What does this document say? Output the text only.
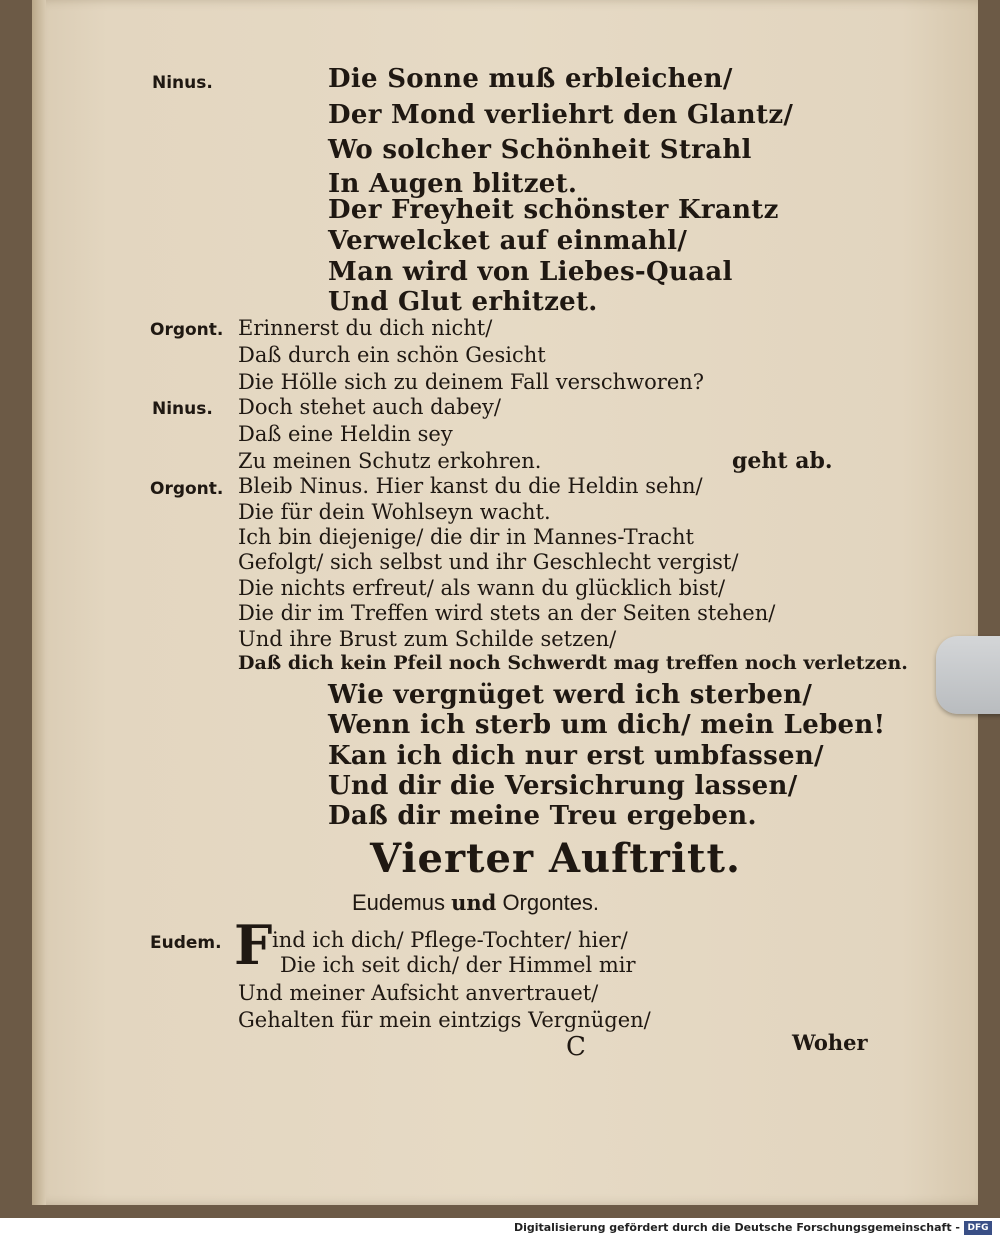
Ninus.	Die Sonne muß erbleichen/
Der Mond verliehrt den Glantz/
Wo solcher Schönheit Strahl
In Augen blitzet.
Der Freyheit schönster Krantz
Verwelcket auf einmahl/
Man wird von Liebes-Quaal
Und Glut erhitzet.
Orgont. Erinnerst du dich nicht/
Daß durch ein schön Gesicht
Die Hölle sich zu deinem Fall verschworen?
Ninus. Doch stehet auch dabey/
Daß eine Heldin sey
Zu meinen Schutz erkohren.	geht ab.
Orgont. Bleib Ninus. Hier kanst du die Heldin sehn/
Die für dein Wohlseyn wacht.
Ich bin diejenige/ die dir in Mannes-Tracht
Gefolgt/ sich selbst und ihr Geschlecht vergist/
Die nichts erfreut/ als wann du glücklich bist/
Die dir im Treffen wird stets an der Seiten stehen/
Und ihre Brust zum Schilde setzen/
Daß dich kein Pfeil noch Schwerdt mag treffen noch verletzen.
Wie vergnüget werd ich sterben/
Wenn ich sterb um dich/ mein Leben!
Kan ich dich nur erst umbfassen/
Und dir die Versichrung lassen/
Daß dir meine Treu ergeben.
Vierter Auftritt.
Eudemus und Orgontes.
Eudem. F ind ich dich/ Pflege-Tochter/ hier/
Die ich seit dich/ der Himmel mir
Und meiner Aufsicht anvertrauet/
Gehalten für mein eintzigs Vergnügen/
C	Woher
Digitalisierung gefördert durch die Deutsche Forschungsgemeinschaft - DFG
